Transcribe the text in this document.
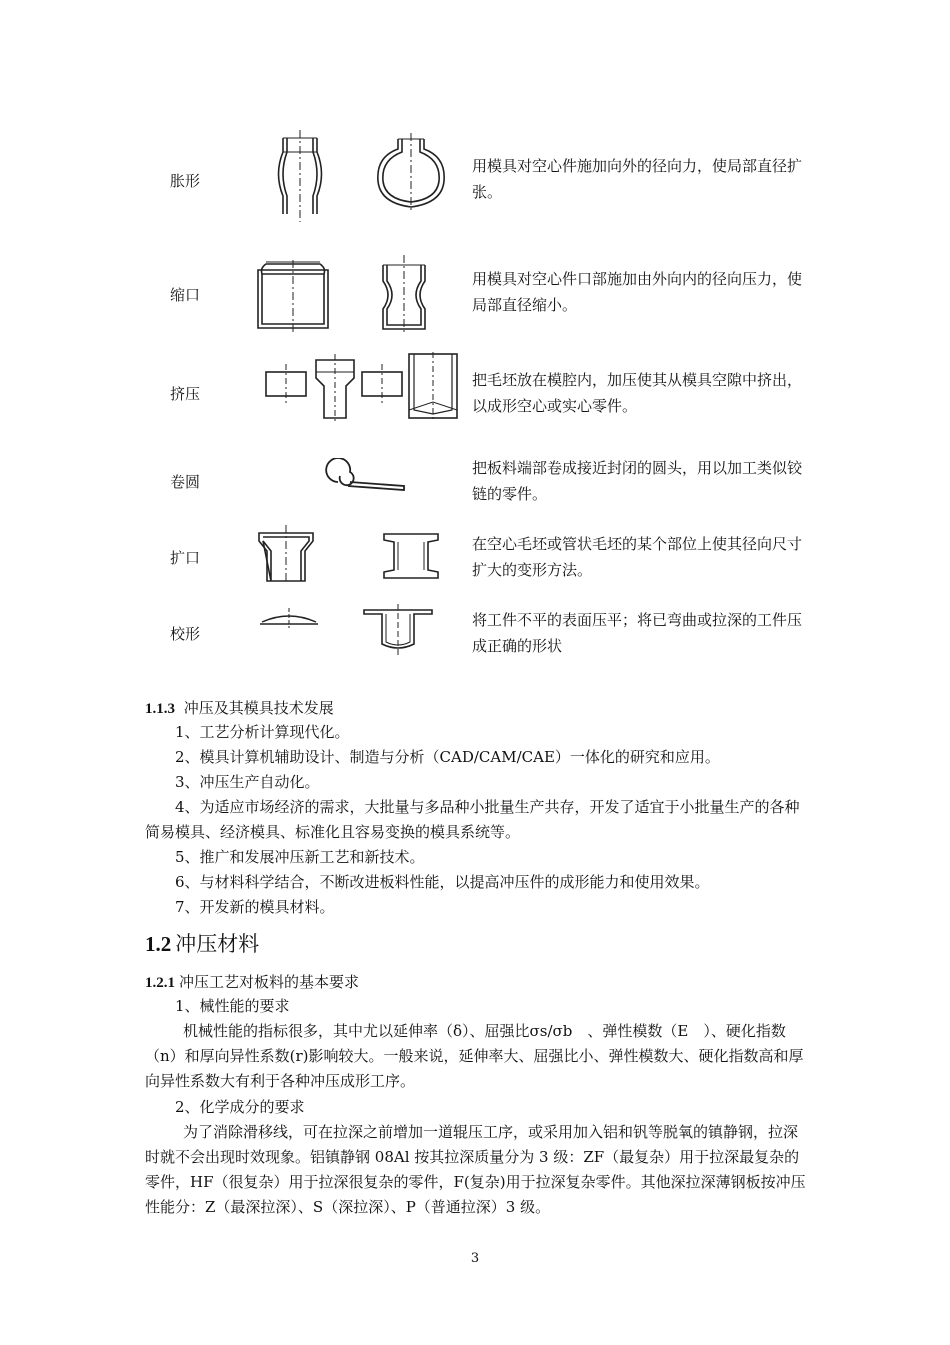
胀形
用模具对空心件施加向外的径向力，使局部直径扩张。
缩口
用模具对空心件口部施加由外向内的径向压力，使局部直径缩小。
挤压
把毛坯放在模腔内，加压使其从模具空隙中挤出，以成形空心或实心零件。
卷圆
把板料端部卷成接近封闭的圆头，用以加工类似铰链的零件。
扩口
在空心毛坯或管状毛坯的某个部位上使其径向尺寸扩大的变形方法。
校形
将工件不平的表面压平；将已弯曲或拉深的工件压成正确的形状
1.1.3 冲压及其模具技术发展
1、工艺分析计算现代化。
2、模具计算机辅助设计、制造与分析（CAD/CAM/CAE）一体化的研究和应用。
3、冲压生产自动化。
4、为适应市场经济的需求，大批量与多品种小批量生产共存，开发了适宜于小批量生产的各种简易模具、经济模具、标准化且容易变换的模具系统等。
5、推广和发展冲压新工艺和新技术。
6、与材料科学结合，不断改进板料性能，以提高冲压件的成形能力和使用效果。
7、开发新的模具材料。
1.2 冲压材料
1.2.1 冲压工艺对板料的基本要求
1、械性能的要求
机械性能的指标很多，其中尤以延伸率（δ）、屈强比σs/σb　、弹性模数（E　）、硬化指数（n）和厚向异性系数(r)影响较大。一般来说，延伸率大、屈强比小、弹性模数大、硬化指数高和厚向异性系数大有利于各种冲压成形工序。
2、化学成分的要求
为了消除滑移线，可在拉深之前增加一道辊压工序，或采用加入铝和钒等脱氧的镇静钢，拉深时就不会出现时效现象。铝镇静钢 08Al 按其拉深质量分为 3 级：ZF（最复杂）用于拉深最复杂的零件，HF（很复杂）用于拉深很复杂的零件，F(复杂)用于拉深复杂零件。其他深拉深薄钢板按冲压性能分：Z（最深拉深）、S（深拉深）、P（普通拉深）3 级。
3
